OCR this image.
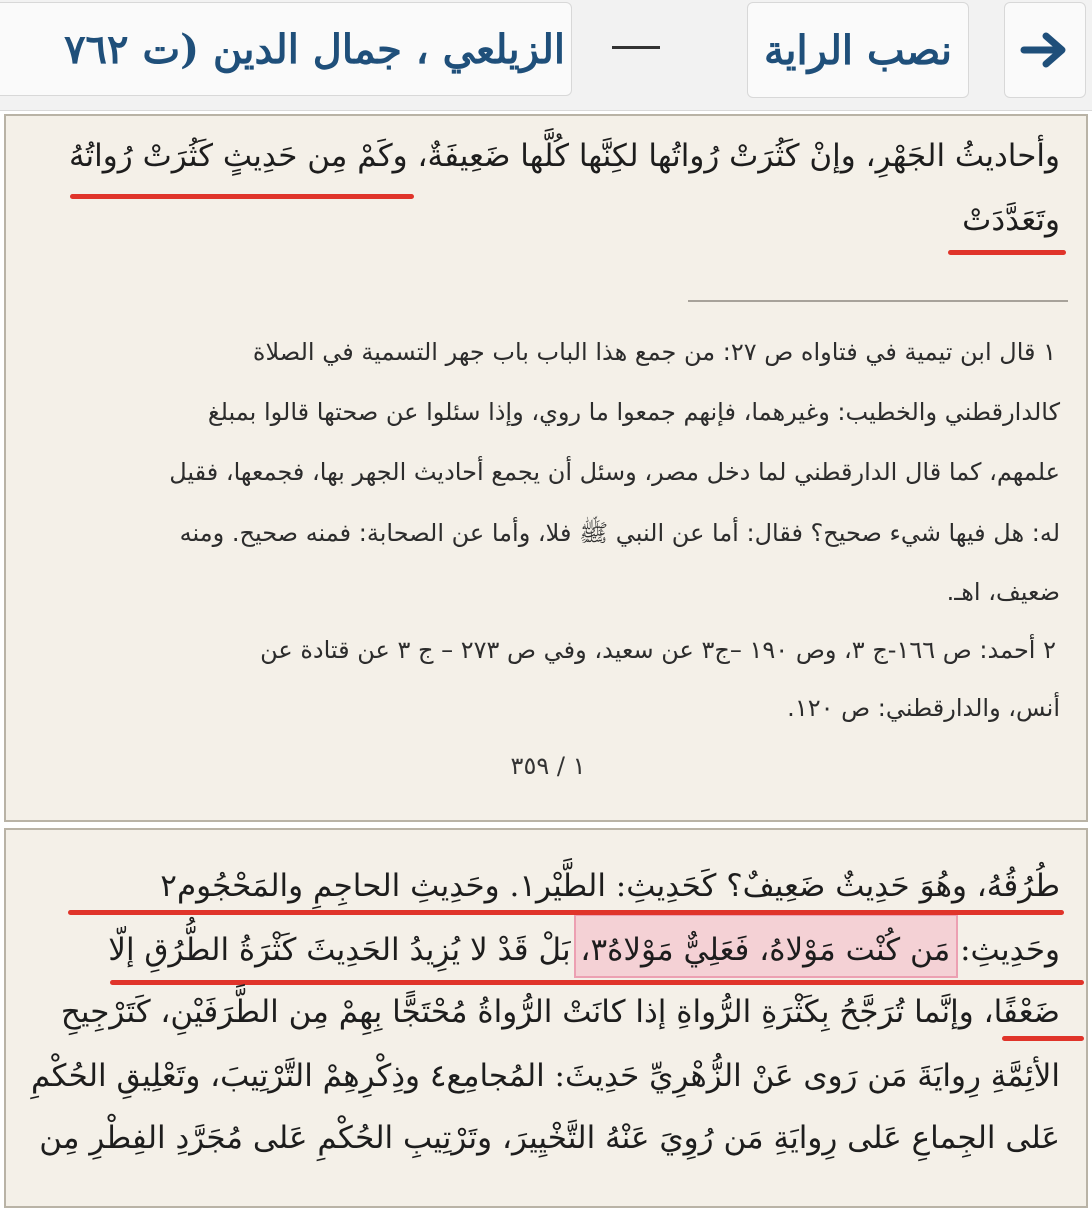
نصب الراية
الزيلعي ، جمال الدين (ت ٧٦٢
وأحاديثُ الجَهْرِ، وإنْ كَثُرَتْ رُواتُها لكِنَّها كُلَّها ضَعِيفَةٌ، وكَمْ مِن حَدِيثٍ كَثُرَتْ رُواتُهُ
وتَعَدَّدَتْ
١ قال ابن تيمية في فتاواه ص ٢٧: من جمع هذا الباب باب جهر التسمية في الصلاة
كالدارقطني والخطيب: وغيرهما، فإنهم جمعوا ما روي، وإذا سئلوا عن صحتها قالوا بمبلغ
علمهم، كما قال الدارقطني لما دخل مصر، وسئل أن يجمع أحاديث الجهر بها، فجمعها، فقيل
له: هل فيها شيء صحيح؟ فقال: أما عن النبي ﷺ فلا، وأما عن الصحابة: فمنه صحيح. ومنه
ضعيف، اهـ.
٢ أحمد: ص ١٦٦-ج ٣، وص ١٩٠ –ج٣ عن سعيد، وفي ص ٢٧٣ – ج ٣ عن قتادة عن
أنس، والدارقطني: ص ١٢٠.
١ / ٣٥٩
طُرُقُهُ، وهُوَ حَدِيثٌ ضَعِيفٌ؟ كَحَدِيثِ: الطَّيْر١. وحَدِيثِ الحاجِمِ والمَحْجُوم٢
وحَدِيثِ: مَن كُنْت مَوْلاهُ، فَعَلِيٌّ مَوْلاهُ٣، بَلْ قَدْ لا يُزِيدُ الحَدِيثَ كَثْرَةُ الطُّرُقِ إلّا
ضَعْفًا، وإنَّما تُرَجَّحُ بِكَثْرَةِ الرُّواةِ إذا كانَتْ الرُّواةُ مُحْتَجًّا بِهِمْ مِن الطَّرَفَيْنِ، كَتَرْجِيحِ
الأئِمَّةِ رِوايَةَ مَن رَوى عَنْ الزُّهْرِيِّ حَدِيثَ: المُجامِع٤ وذِكْرِهِمْ التَّرْتِيبَ، وتَعْلِيقِ الحُكْمِ
عَلى الجِماعِ عَلى رِوايَةِ مَن رُوِيَ عَنْهُ التَّخْيِيرَ، وتَرْتِيبِ الحُكْمِ عَلى مُجَرَّدِ الفِطْرِ مِن
